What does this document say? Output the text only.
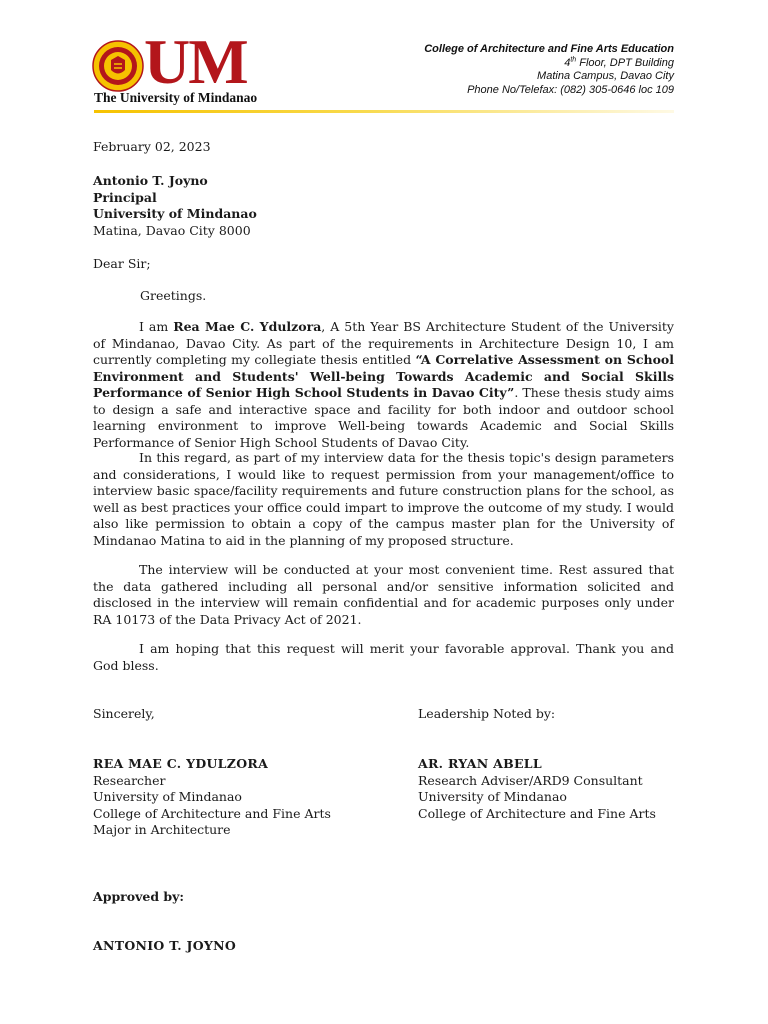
UM
The University of Mindanao
College of Architecture and Fine Arts Education
4th Floor, DPT Building
Matina Campus, Davao City
Phone No/Telefax: (082) 305-0646 loc 109
February 02, 2023
Antonio T. Joyno
Principal
University of Mindanao
Matina, Davao City 8000
Dear Sir;
Greetings.
I am Rea Mae C. Ydulzora, A 5th Year BS Architecture Student of the University of Mindanao, Davao City. As part of the requirements in Architecture Design 10, I am currently completing my collegiate thesis entitled “A Correlative Assessment on School Environment and Students' Well-being Towards Academic and Social Skills Performance of Senior High School Students in Davao City”. These thesis study aims to design a safe and interactive space and facility for both indoor and outdoor school learning environment to improve Well-being towards Academic and Social Skills Performance of Senior High School Students of Davao City.
In this regard, as part of my interview data for the thesis topic's design parameters and considerations, I would like to request permission from your management/office to interview basic space/facility requirements and future construction plans for the school, as well as best practices your office could impart to improve the outcome of my study. I would also like permission to obtain a copy of the campus master plan for the University of Mindanao Matina to aid in the planning of my proposed structure.
The interview will be conducted at your most convenient time. Rest assured that the data gathered including all personal and/or sensitive information solicited and disclosed in the interview will remain confidential and for academic purposes only under RA 10173 of the Data Privacy Act of 2021.
I am hoping that this request will merit your favorable approval. Thank you and God bless.
Sincerely,	Leadership Noted by:
REA MAE C. YDULZORA
Researcher
University of Mindanao
College of Architecture and Fine Arts
Major in Architecture
AR. RYAN ABELL
Research Adviser/ARD9 Consultant
University of Mindanao
College of Architecture and Fine Arts
Approved by:
ANTONIO T. JOYNO
